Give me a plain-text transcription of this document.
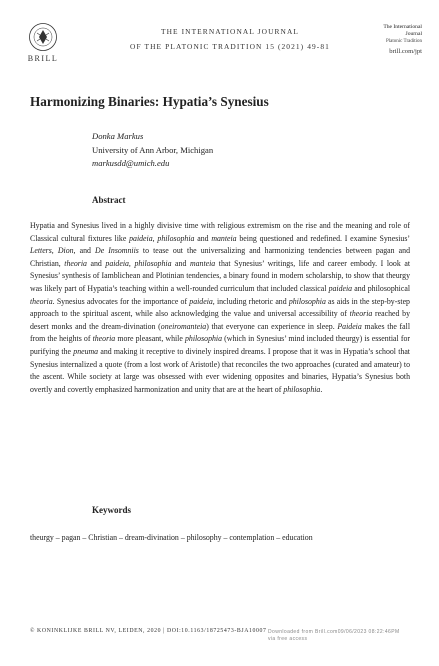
BRILL
THE INTERNATIONAL JOURNAL
OF THE PLATONIC TRADITION 15 (2021) 49-81
The International
Journal
Platonic Tradition
brill.com/jpt
Harmonizing Binaries: Hypatia’s Synesius
Donka Markus
University of Ann Arbor, Michigan
markusdd@umich.edu
Abstract

Hypatia and Synesius lived in a highly divisive time with religious extremism on the rise and the meaning and role of Classical cultural fixtures like paideia, philosophia and manteia being questioned and redefined. I examine Synesius’ Letters, Dion, and De Insomniis to tease out the universalizing and harmonizing tendencies between pagan and Christian, theoria and paideia, philosophia and manteia that Synesius’ writings, life and career embody. I look at Synesius’ synthesis of Iamblichean and Plotinian tendencies, a binary found in modern scholarship, to show that theurgy was likely part of Hypatia’s teaching within a well-rounded curriculum that included classical paideia and philosophical theoria. Synesius advocates for the importance of paideia, including rhetoric and philosophia as aids in the step-by-step approach to the spiritual ascent, while also acknowledging the value and universal accessibility of theoria reached by desert monks and the dream-divination (oneiromanteia) that everyone can experience in sleep. Paideia makes the fall from the heights of theoria more pleasant, while philosophia (which in Synesius’ mind included theurgy) is essential for purifying the pneuma and making it receptive to divinely inspired dreams. I propose that it was in Hypatia’s school that Synesius internalized a quote (from a lost work of Aristotle) that reconciles the two approaches (curated and amateur) to the ascent. While society at large was obsessed with ever widening opposites and binaries, Hypatia’s Synesius both overtly and covertly emphasized harmonization and unity that are at the heart of philosophia.

Keywords
theurgy – pagan – Christian – dream-divination – philosophy – contemplation – education
© KONINKLIJKE BRILL NV, LEIDEN, 2020 | DOI:10.1163/18725473-BJA10007 Downloaded from Brill.com09/06/2023 08:22:46PM
via free access
